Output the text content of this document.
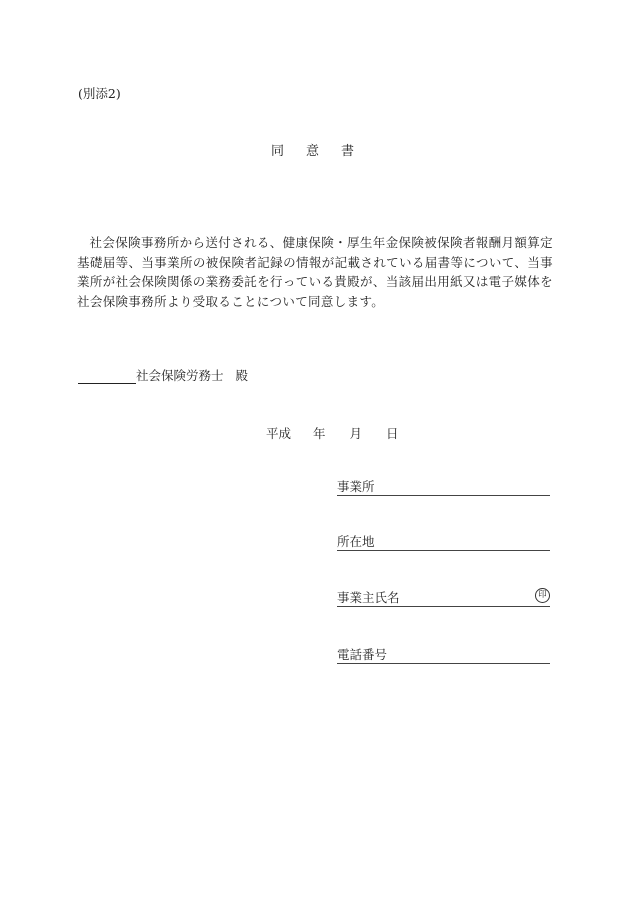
(別添2)
同 意 書
社会保険事務所から送付される、健康保険・厚生年金保険被保険者報酬月額算定基礎届等、当事業所の被保険者記録の情報が記載されている届書等について、当事業所が社会保険関係の業務委託を行っている貴殿が、当該届出用紙又は電子媒体を社会保険事務所より受取ることについて同意します。
社会保険労務士 殿
平成 年 月 日
事業所
所在地
事業主氏名	印
電話番号
